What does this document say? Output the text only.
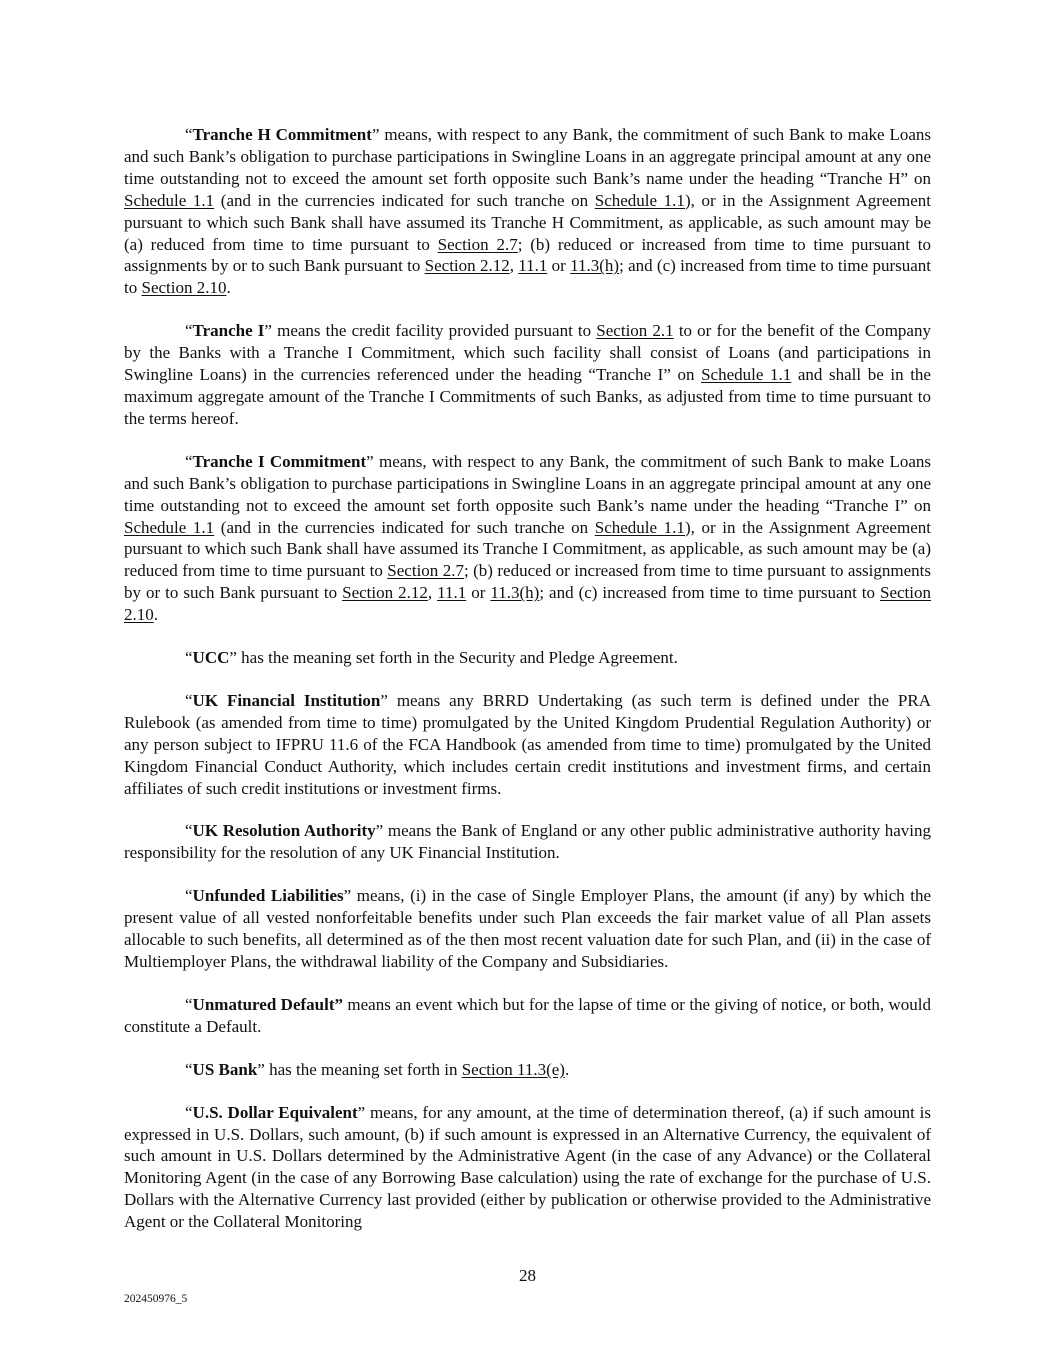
“Tranche H Commitment” means, with respect to any Bank, the commitment of such Bank to make Loans and such Bank’s obligation to purchase participations in Swingline Loans in an aggregate principal amount at any one time outstanding not to exceed the amount set forth opposite such Bank’s name under the heading “Tranche H” on Schedule 1.1 (and in the currencies indicated for such tranche on Schedule 1.1), or in the Assignment Agreement pursuant to which such Bank shall have assumed its Tranche H Commitment, as applicable, as such amount may be (a) reduced from time to time pursuant to Section 2.7; (b) reduced or increased from time to time pursuant to assignments by or to such Bank pursuant to Section 2.12, 11.1 or 11.3(h); and (c) increased from time to time pursuant to Section 2.10.

“Tranche I” means the credit facility provided pursuant to Section 2.1 to or for the benefit of the Company by the Banks with a Tranche I Commitment, which such facility shall consist of Loans (and participations in Swingline Loans) in the currencies referenced under the heading “Tranche I” on Schedule 1.1 and shall be in the maximum aggregate amount of the Tranche I Commitments of such Banks, as adjusted from time to time pursuant to the terms hereof.

“Tranche I Commitment” means, with respect to any Bank, the commitment of such Bank to make Loans and such Bank’s obligation to purchase participations in Swingline Loans in an aggregate principal amount at any one time outstanding not to exceed the amount set forth opposite such Bank’s name under the heading “Tranche I” on Schedule 1.1 (and in the currencies indicated for such tranche on Schedule 1.1), or in the Assignment Agreement pursuant to which such Bank shall have assumed its Tranche I Commitment, as applicable, as such amount may be (a) reduced from time to time pursuant to Section 2.7; (b) reduced or increased from time to time pursuant to assignments by or to such Bank pursuant to Section 2.12, 11.1 or 11.3(h); and (c) increased from time to time pursuant to Section 2.10.

“UCC” has the meaning set forth in the Security and Pledge Agreement.

“UK Financial Institution” means any BRRD Undertaking (as such term is defined under the PRA Rulebook (as amended from time to time) promulgated by the United Kingdom Prudential Regulation Authority) or any person subject to IFPRU 11.6 of the FCA Handbook (as amended from time to time) promulgated by the United Kingdom Financial Conduct Authority, which includes certain credit institutions and investment firms, and certain affiliates of such credit institutions or investment firms.

“UK Resolution Authority” means the Bank of England or any other public administrative authority having responsibility for the resolution of any UK Financial Institution.

“Unfunded Liabilities” means, (i) in the case of Single Employer Plans, the amount (if any) by which the present value of all vested nonforfeitable benefits under such Plan exceeds the fair market value of all Plan assets allocable to such benefits, all determined as of the then most recent valuation date for such Plan, and (ii) in the case of Multiemployer Plans, the withdrawal liability of the Company and Subsidiaries.

“Unmatured Default” means an event which but for the lapse of time or the giving of notice, or both, would constitute a Default.

“US Bank” has the meaning set forth in Section 11.3(e).

“U.S. Dollar Equivalent” means, for any amount, at the time of determination thereof, (a) if such amount is expressed in U.S. Dollars, such amount, (b) if such amount is expressed in an Alternative Currency, the equivalent of such amount in U.S. Dollars determined by the Administrative Agent (in the case of any Advance) or the Collateral Monitoring Agent (in the case of any Borrowing Base calculation) using the rate of exchange for the purchase of U.S. Dollars with the Alternative Currency last provided (either by publication or otherwise provided to the Administrative Agent or the Collateral Monitoring

28
202450976_5
